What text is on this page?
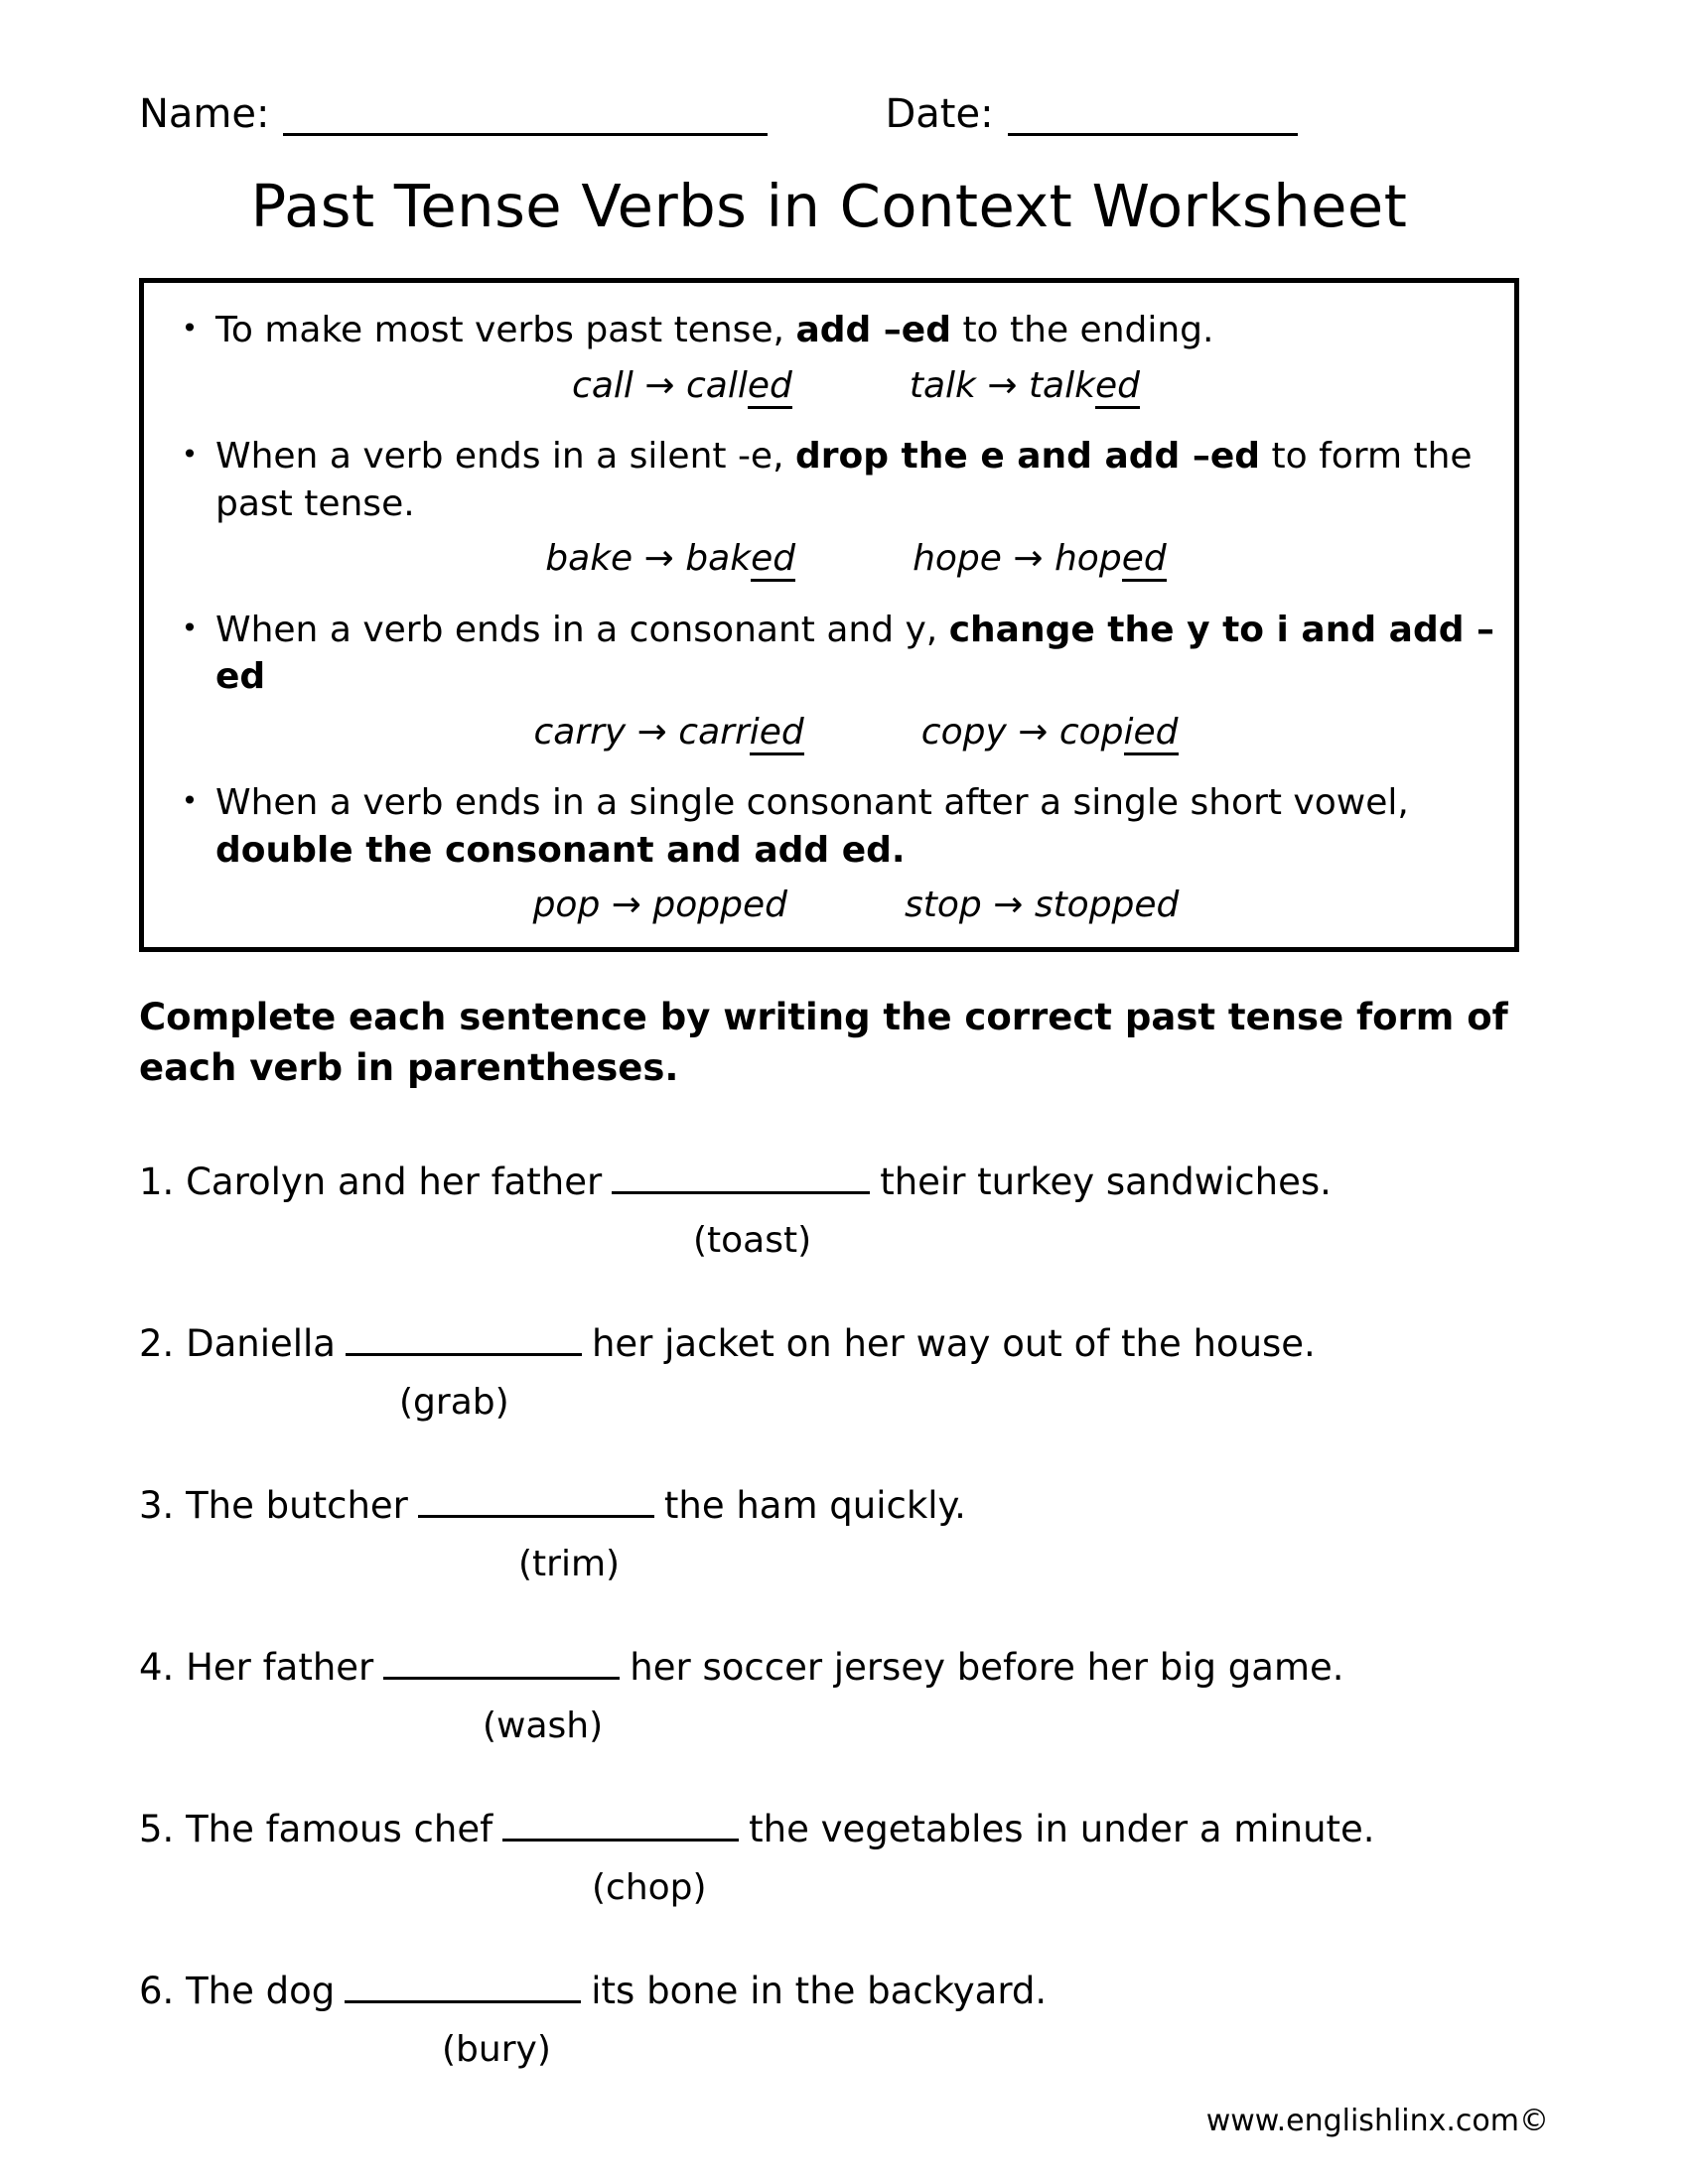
Name:	Date:
Past Tense Verbs in Context Worksheet
• To make most verbs past tense, add –ed to the ending.
call → called	talk → talked
• When a verb ends in a silent -e, drop the e and add –ed to form the past tense.
bake → baked	hope → hoped
• When a verb ends in a consonant and y, change the y to i and add –ed
carry → carried	copy → copied
• When a verb ends in a single consonant after a single short vowel, double the consonant and add ed.
pop → popped	stop → stopped
Complete each sentence by writing the correct past tense form of each verb in parentheses.
1. Carolyn and her father	their turkey sandwiches.
(toast)
2. Daniella	her jacket on her way out of the house.
(grab)
3. The butcher	the ham quickly.
(trim)
4. Her father	her soccer jersey before her big game.
(wash)
5. The famous chef	the vegetables in under a minute.
(chop)
6. The dog	its bone in the backyard.
(bury)
www.englishlinx.com©
